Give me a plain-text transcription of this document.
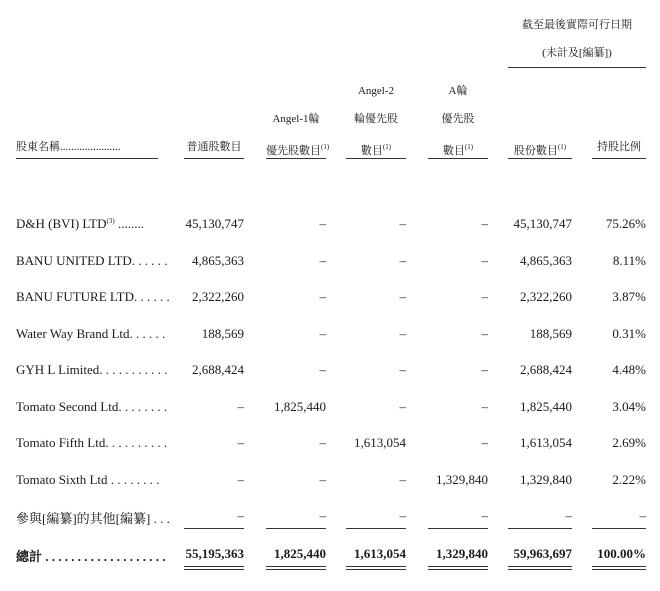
截至最後實際可行日期
(未計及[編纂])
股東名稱......................	普通股數目
Angel-1輪
優先股數目$^{(1)}$
Angel-2
輪優先股
數目$^{(1)}$
A輪
優先股
數目$^{(1)}$	股份數目$^{(1)}$	持股比例
D&H (BVI) LTD$^{(3)}$ ........	45,130,747	–	–	–	45,130,747	75.26%
BANU UNITED LTD. . . . . .	4,865,363	–	–	–	4,865,363	8.11%
BANU FUTURE LTD. . . . . .	2,322,260	–	–	–	2,322,260	3.87%
Water Way Brand Ltd. . . . . .	188,569	–	–	–	188,569	0.31%
GYH L Limited. . . . . . . . . . .	2,688,424	–	–	–	2,688,424	4.48%
Tomato Second Ltd. . . . . . . .	–	1,825,440	–	–	1,825,440	3.04%
Tomato Fifth Ltd. . . . . . . . . .	–	–	1,613,054	–	1,613,054	2.69%
Tomato Sixth Ltd . . . . . . . .	–	–	–	1,329,840	1,329,840	2.22%
參與[編纂]的其他[編纂] . . .	–	–	–	–	–	–
總計 . . . . . . . . . . . . . . . . . . .	55,195,363	1,825,440	1,613,054	1,329,840	59,963,697	100.00%
